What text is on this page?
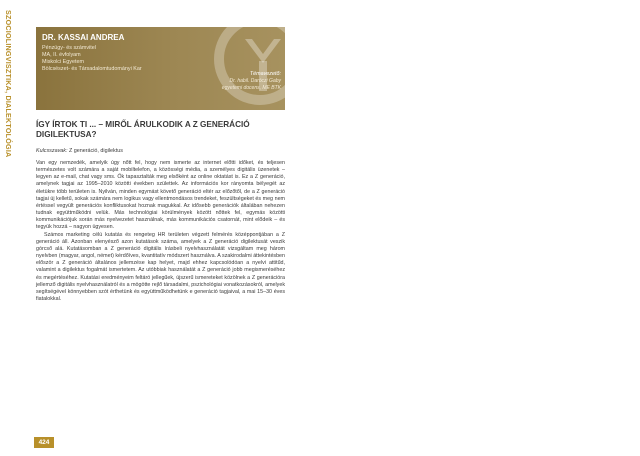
SZOCIOLINGVISZTIKA, DIALEKTOLÓGIA	DR. KASSAI ANDREA
Pénzügy- és számvitel
MA, II. évfolyam
Miskolci Egyetem
Bölcsészet- és Társadalomtudományi Kar
Témavezető:
Dr. habil. Daróczi Gaby
egyetemi docens, ME BTK
ÍGY ÍRTOK TI ... – MIRŐL ÁRULKODIK A Z GENERÁCIÓ DIGILEKTUSA?
Kulcsszavak: Z generáció, digilektus

Van egy nemzedék, amelyik úgy nőtt fel, hogy nem ismerte az internet előtti időket, és teljesen természetes volt számára a saját mobiltelefon, a közösségi média, a személyes digitális üzenetek – legyen az e-mail, chat vagy sms. Ők tapasztalták meg elsőként az online oktatást is. Ez a Z generáció, amelynek tagjai az 1995–2010 közötti években születtek. Az információs kor rányomta bélyegét az életükre több területen is. Nyilván, minden egymást követő generáció eltér az előzőtől, de a Z generáció tagjai új kelletű, sokak számára nem logikus vagy ellentmondásos trendeket, feszültségeket és meg nem értéssel vegyült generációs konfliktusokat hoznak magukkal. Az idősebb generációk általában nehezen tudnak együttműködni velük. Más technológiai körülmények között nőttek fel, egymás közötti kommunikációjuk során más nyelvezetet használnak, más kommunikációs csatornát, mint elődeik – és tegyük hozzá – nagyon ügyesen.

Számos marketing célú kutatás és rengeteg HR területen végzett felmérés középpontjában a Z generáció áll. Azonban elenyésző azon kutatások száma, amelyek a Z generáció digilektusát veszik górcső alá. Kutatásomban a Z generáció digitális írásbeli nyelvhasználatát vizsgáltam meg három nyelvben (magyar, angol, német) kérdőíves, kvantitatív módszert használva. A szakirodalmi áttekintésben először a Z generáció általános jellemzése kap helyet, majd ehhez kapcsolódóan a nyelvi attitűd, valamint a digilektus fogalmát ismertetem. Az utóbbiak használatát a Z generáció jobb megismeréséhez és megértéséhez. Kutatási eredményeim feltáró jellegűek, újszerű ismereteket közölnek a Z generációra jellemző digitális nyelvhasználatról és a mögötte rejlő társadalmi, pszichológiai vonatkozásokról, amelyek segítségével könnyebben szót érthetünk és együttműködhetünk e generáció tagjaival, a mai 15–30 éves fiatalokkal.

424
